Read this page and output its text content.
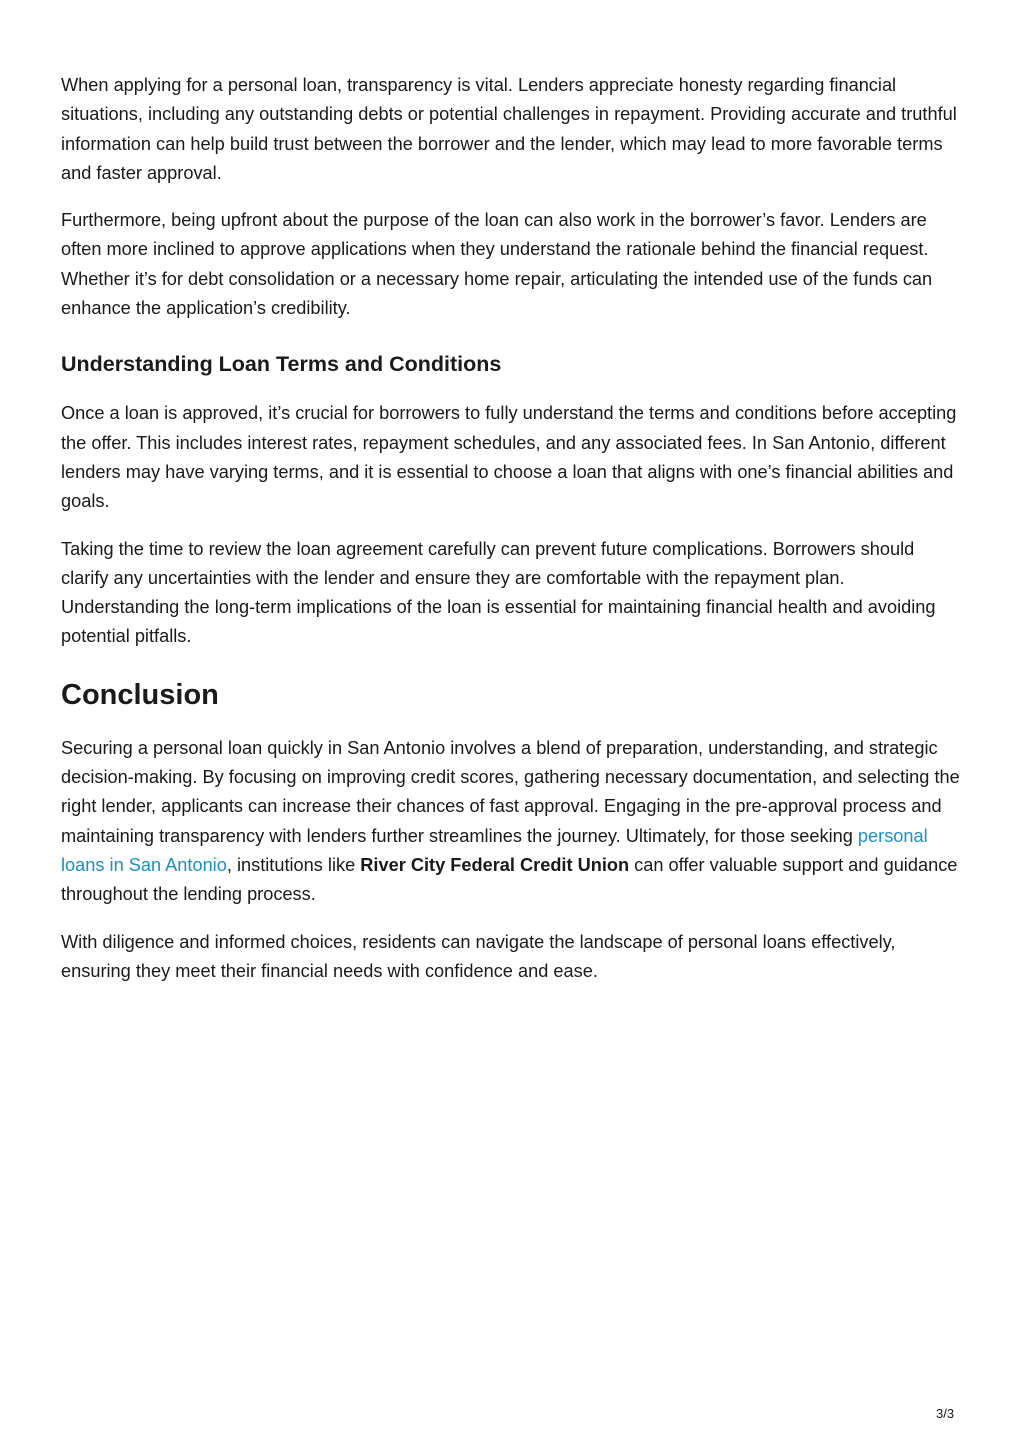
When applying for a personal loan, transparency is vital. Lenders appreciate honesty regarding financial situations, including any outstanding debts or potential challenges in repayment. Providing accurate and truthful information can help build trust between the borrower and the lender, which may lead to more favorable terms and faster approval.

Furthermore, being upfront about the purpose of the loan can also work in the borrower’s favor. Lenders are often more inclined to approve applications when they understand the rationale behind the financial request. Whether it’s for debt consolidation or a necessary home repair, articulating the intended use of the funds can enhance the application’s credibility.

Understanding Loan Terms and Conditions

Once a loan is approved, it’s crucial for borrowers to fully understand the terms and conditions before accepting the offer. This includes interest rates, repayment schedules, and any associated fees. In San Antonio, different lenders may have varying terms, and it is essential to choose a loan that aligns with one’s financial abilities and goals.

Taking the time to review the loan agreement carefully can prevent future complications. Borrowers should clarify any uncertainties with the lender and ensure they are comfortable with the repayment plan. Understanding the long-term implications of the loan is essential for maintaining financial health and avoiding potential pitfalls.

Conclusion

Securing a personal loan quickly in San Antonio involves a blend of preparation, understanding, and strategic decision-making. By focusing on improving credit scores, gathering necessary documentation, and selecting the right lender, applicants can increase their chances of fast approval. Engaging in the pre-approval process and maintaining transparency with lenders further streamlines the journey. Ultimately, for those seeking personal loans in San Antonio, institutions like River City Federal Credit Union can offer valuable support and guidance throughout the lending process.

With diligence and informed choices, residents can navigate the landscape of personal loans effectively, ensuring they meet their financial needs with confidence and ease.

3/3
